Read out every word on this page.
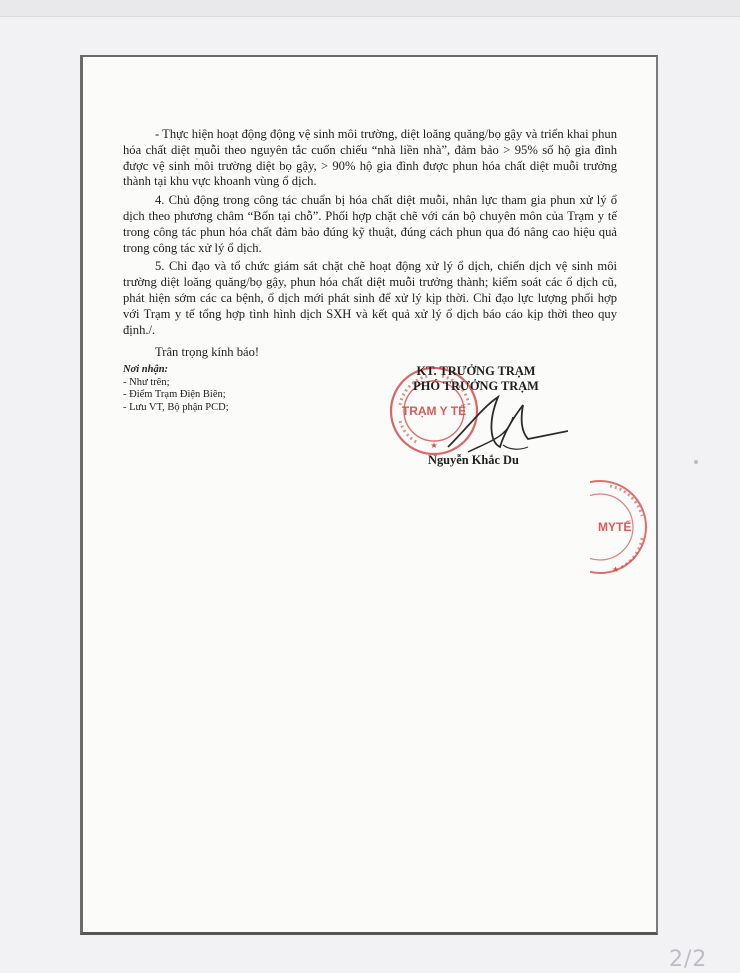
- Thực hiện hoạt động động vệ sinh môi trường, diệt loăng quăng/bọ gậy và triển khai phun hóa chất diệt muỗi theo nguyên tắc cuốn chiếu “nhà liền nhà”, đảm bảo > 95% số hộ gia đình được vệ sinh môi trường diệt bọ gậy, > 90% hộ gia đình được phun hóa chất diệt muỗi trưởng thành tại khu vực khoanh vùng ổ dịch.

4. Chủ động trong công tác chuẩn bị hóa chất diệt muỗi, nhân lực tham gia phun xử lý ổ dịch theo phương châm “Bốn tại chỗ”. Phối hợp chặt chẽ với cán bộ chuyên môn của Trạm y tế trong công tác phun hóa chất đảm bảo đúng kỹ thuật, đúng cách phun qua đó nâng cao hiệu quả trong công tác xử lý ổ dịch.

5. Chỉ đạo và tổ chức giám sát chặt chẽ hoạt động xử lý ổ dịch, chiến dịch vệ sinh môi trường diệt loăng quăng/bọ gậy, phun hóa chất diệt muỗi trưởng thành; kiểm soát các ổ dịch cũ, phát hiện sớm các ca bệnh, ổ dịch mới phát sinh để xử lý kịp thời. Chỉ đạo lực lượng phối hợp với Trạm y tế tổng hợp tình hình dịch SXH và kết quả xử lý ổ dịch báo cáo kịp thời theo quy định./.

Trân trọng kính báo!
Nơi nhận:
- Như trên;
- Điểm Trạm Điện Biên;
- Lưu VT, Bộ phận PCD;	TRẠM Y TẾ
★
KT. TRƯỞNG TRẠM
PHÓ TRƯỞNG TRẠM
Nguyễn Khắc Du
MYTẾ
★
2/2
